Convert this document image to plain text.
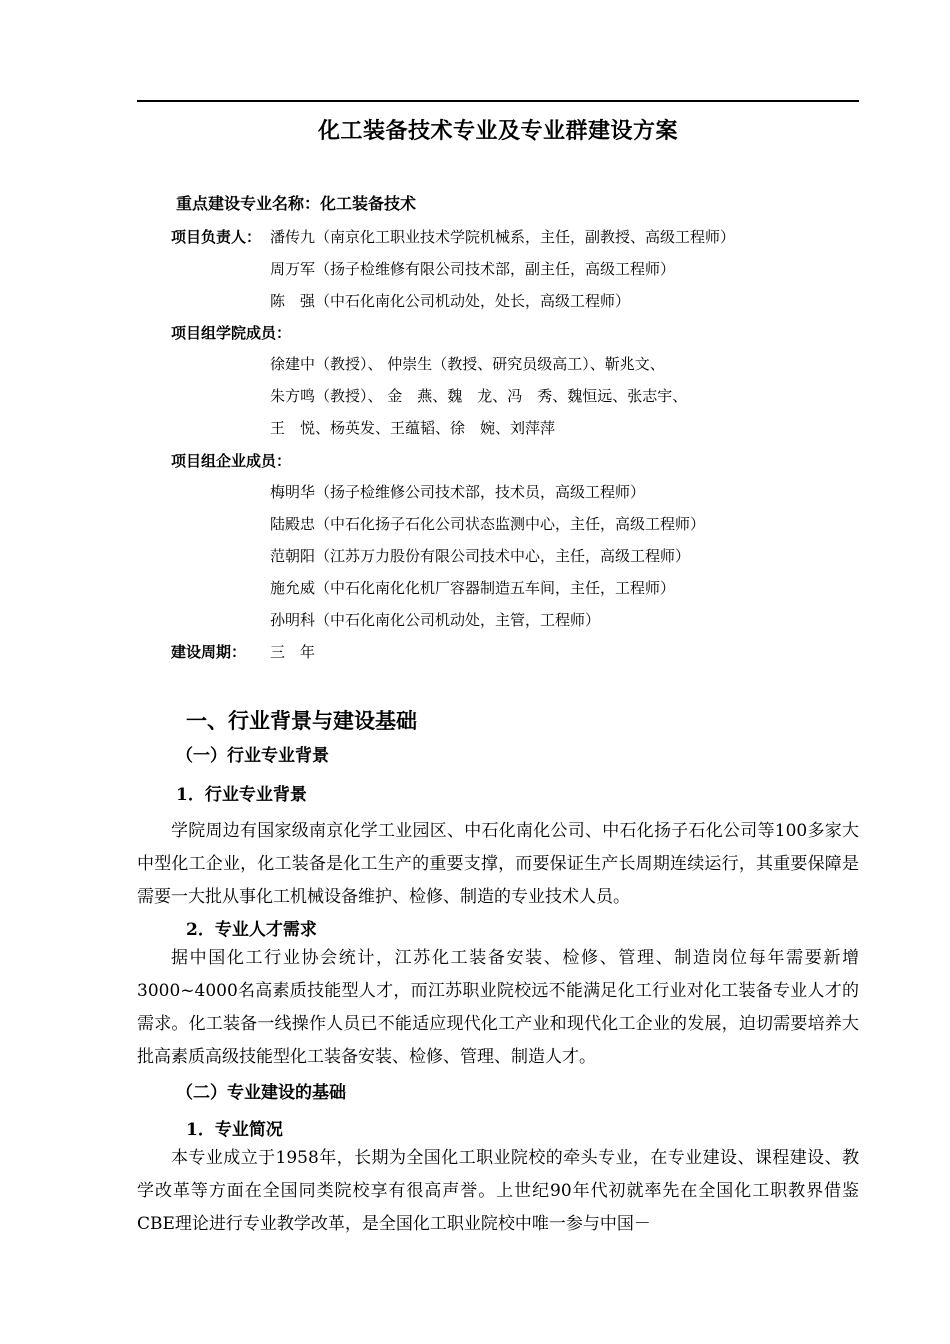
化工装备技术专业及专业群建设方案
重点建设专业名称：化工装备技术
项目负责人： 潘传九（南京化工职业技术学院机械系，主任，副教授、高级工程师）
周万军（扬子检维修有限公司技术部，副主任，高级工程师）
陈　强（中石化南化公司机动处，处长，高级工程师）
项目组学院成员：
徐建中（教授）、 仲崇生（教授、研究员级高工）、靳兆文、
朱方鸣（教授）、 金　燕、魏　龙、冯　秀、魏恒远、张志宇、
王　悦、杨英发、王蕴韬、徐　婉、刘萍萍
项目组企业成员：
梅明华（扬子检维修公司技术部，技术员，高级工程师）
陆殿忠（中石化扬子石化公司状态监测中心，主任，高级工程师）
范朝阳（江苏万力股份有限公司技术中心，主任，高级工程师）
施允威（中石化南化化机厂容器制造五车间，主任，工程师）
孙明科（中石化南化公司机动处，主管，工程师）
建设周期： 三　年
一、行业背景与建设基础
（一）行业专业背景
1．行业专业背景
学院周边有国家级南京化学工业园区、中石化南化公司、中石化扬子石化公司等100多家大中型化工企业，化工装备是化工生产的重要支撑，而要保证生产长周期连续运行，其重要保障是需要一大批从事化工机械设备维护、检修、制造的专业技术人员。
2．专业人才需求
据中国化工行业协会统计，江苏化工装备安装、检修、管理、制造岗位每年需要新增3000~4000名高素质技能型人才，而江苏职业院校远不能满足化工行业对化工装备专业人才的需求。化工装备一线操作人员已不能适应现代化工产业和现代化工企业的发展，迫切需要培养大批高素质高级技能型化工装备安装、检修、管理、制造人才。
（二）专业建设的基础
1．专业简况
本专业成立于1958年，长期为全国化工职业院校的牵头专业，在专业建设、课程建设、教学改革等方面在全国同类院校享有很高声誉。上世纪90年代初就率先在全国化工职教界借鉴CBE理论进行专业教学改革，是全国化工职业院校中唯一参与中国－
